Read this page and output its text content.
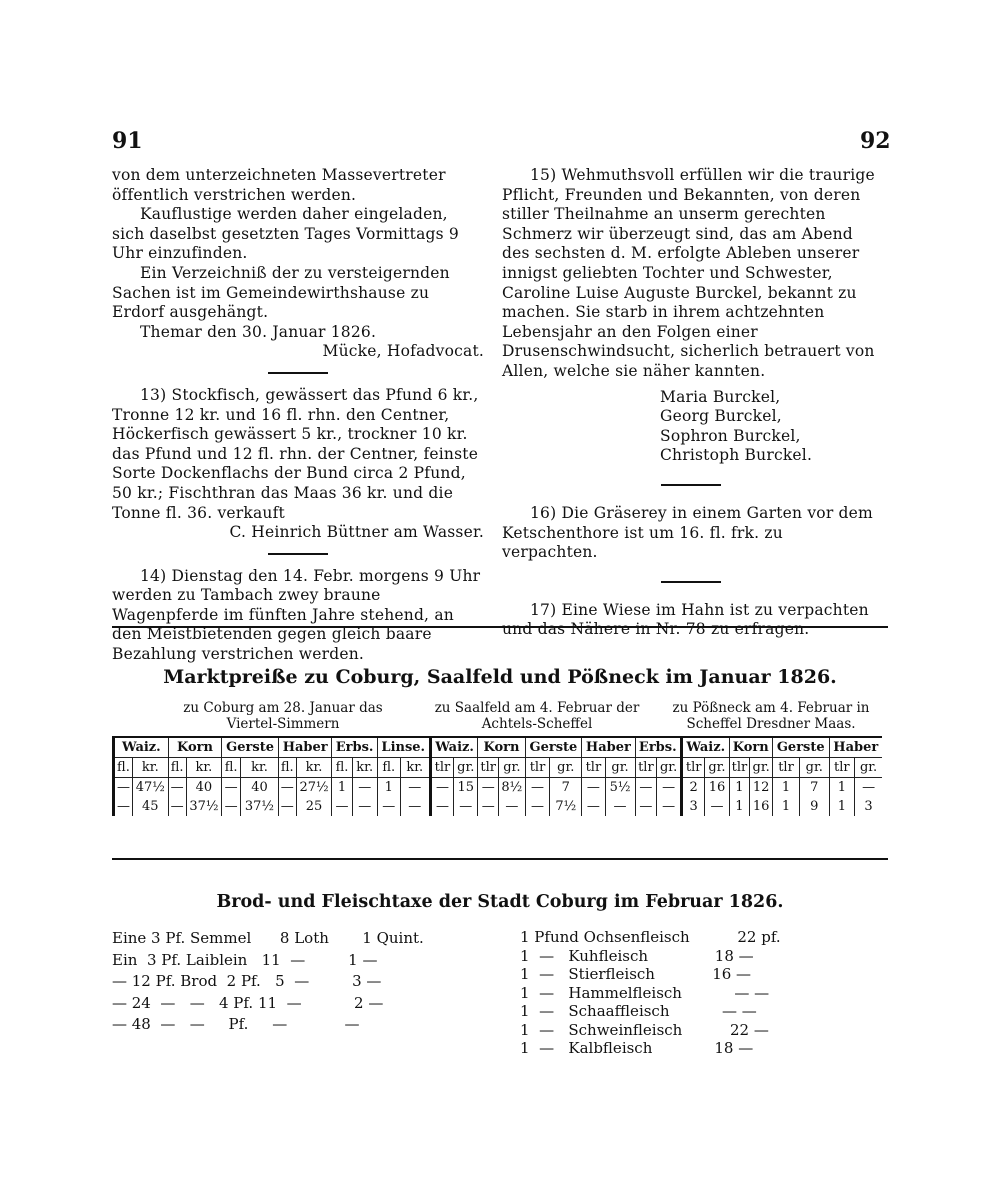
91	92

von dem unterzeichneten Massevertreter öffentlich verstrichen werden.

Kauflustige werden daher eingeladen, sich daselbst gesetzten Tages Vormittags 9 Uhr einzufinden.

Ein Verzeichniß der zu versteigernden Sachen ist im Gemeindewirthshause zu Erdorf ausgehängt.

Themar den 30. Januar 1826.

Mücke, Hofadvocat.

13) Stockfisch, gewässert das Pfund 6 kr., Tronne 12 kr. und 16 fl. rhn. den Centner, Höckerfisch gewässert 5 kr., trockner 10 kr. das Pfund und 12 fl. rhn. der Centner, feinste Sorte Dockenflachs der Bund circa 2 Pfund, 50 kr.; Fischthran das Maas 36 kr. und die Tonne fl. 36. verkauft

C. Heinrich Büttner am Wasser.

14) Dienstag den 14. Febr. morgens 9 Uhr werden zu Tambach zwey braune Wagenpferde im fünften Jahre stehend, an den Meistbietenden gegen gleich baare Bezahlung verstrichen werden.

15) Wehmuthsvoll erfüllen wir die traurige Pflicht, Freunden und Bekannten, von deren stiller Theilnahme an unserm gerechten Schmerz wir überzeugt sind, das am Abend des sechsten d. M. erfolgte Ableben unserer innigst geliebten Tochter und Schwester, Caroline Luise Auguste Burckel, bekannt zu machen. Sie starb in ihrem achtzehnten Lebensjahr an den Folgen einer Drusenschwindsucht, sicherlich betrauert von Allen, welche sie näher kannten.

Maria Burckel,

Georg Burckel,

Sophron Burckel,

Christoph Burckel.

16) Die Gräserey in einem Garten vor dem Ketschenthore ist um 16. fl. frk. zu verpachten.

17) Eine Wiese im Hahn ist zu verpachten und das Nähere in Nr. 78 zu erfragen.

Marktpreiße zu Coburg, Saalfeld und Pößneck im Januar 1826.
zu Coburg am 28. Januar das Viertel-Simmern
zu Saalfeld am 4. Februar der Achtels-Scheffel
zu Pößneck am 4. Februar in Scheffel Dresdner Maas.
Waiz.		Korn		Gerste		Haber		Erbs.		Linse.		Waiz.		Korn		Gerste		Haber		Erbs.		Waiz.		Korn		Gerste		Haber	
fl.	kr.	fl.	kr.	fl.	kr.	fl.	kr.	fl.	kr.	fl.	kr.	tlr	gr.	tlr	gr.	tlr	gr.	tlr	gr.	tlr	gr.	tlr	gr.	tlr	gr.	tlr	gr.	tlr	gr.
—	47½	—	40	—	40	—	27½	1	—	1	—	—	15	—	8½	—	7	—	5½	—	—	2	16	1	12	1	7	1	—
—	45	—	37½	—	37½	—	25	—	—	—	—	—	—	—	—	—	7½	—	—	—	—	3	—	1	16	1	9	1	3
Brod- und Fleischtaxe der Stadt Coburg im Februar 1826.
Eine 3 Pf. Semmel      8 Loth       1 Quint.
Ein  3 Pf. Laiblein   11  —         1 —
— 12 Pf. Brod  2 Pf.   5  —         3 —
— 24  —   —   4 Pf. 11  —           2 —
— 48  —   —     Pf.     —            —
1 Pfund Ochsenfleisch          22 pf.
1  —   Kuhfleisch              18 —
1  —   Stierfleisch            16 —
1  —   Hammelfleisch           — —
1  —   Schaaffleisch           — —
1  —   Schweinfleisch          22 —
1  —   Kalbfleisch             18 —
